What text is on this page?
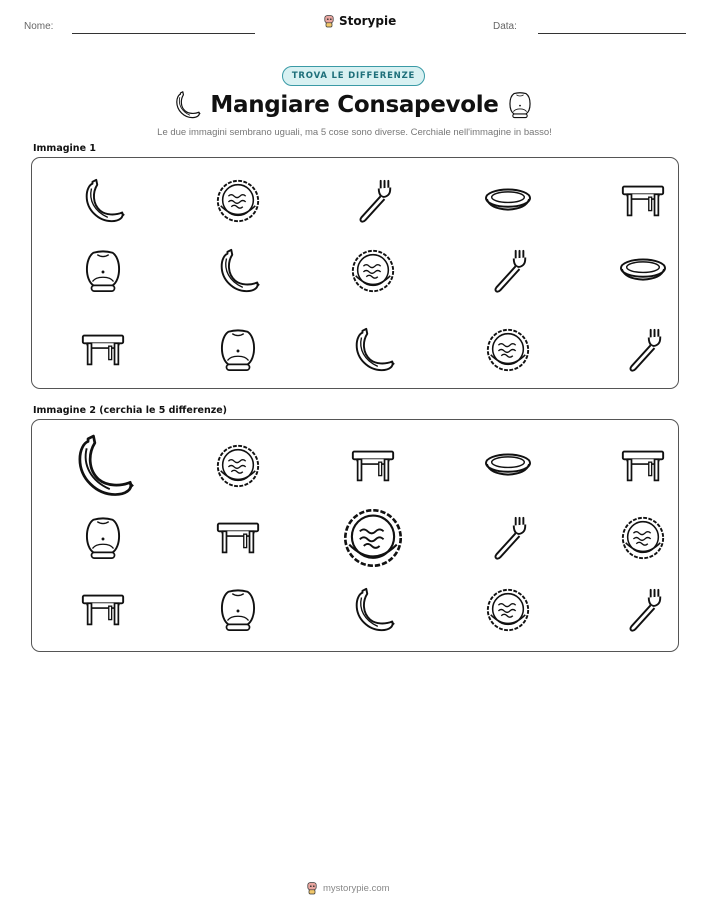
Nome:	Storypie	Data:
TROVA LE DIFFERENZE
Mangiare Consapevole
Le due immagini sembrano uguali, ma 5 cose sono diverse. Cerchiale nell'immagine in basso!
Immagine 1
Immagine 2 (cerchia le 5 differenze)
mystorypie.com
